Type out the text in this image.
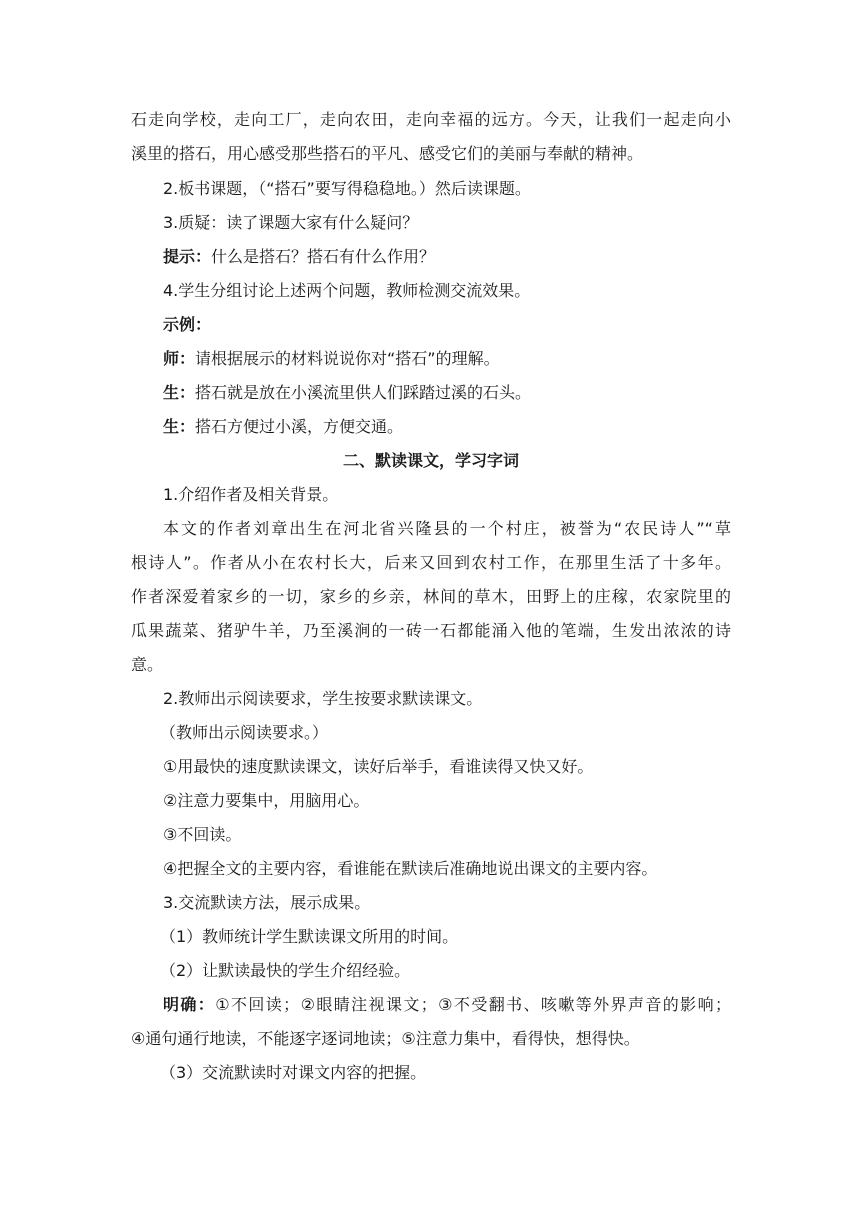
石走向学校，走向工厂，走向农田，走向幸福的远方。今天，让我们一起走向小
溪里的搭石，用心感受那些搭石的平凡、感受它们的美丽与奉献的精神。
2.板书课题，（“搭石”要写得稳稳地。）然后读课题。
3.质疑：读了课题大家有什么疑问？
提示：什么是搭石？搭石有什么作用？
4.学生分组讨论上述两个问题，教师检测交流效果。
示例：
师：请根据展示的材料说说你对“搭石”的理解。
生：搭石就是放在小溪流里供人们踩踏过溪的石头。
生：搭石方便过小溪，方便交通。
二、默读课文，学习字词
1.介绍作者及相关背景。
本文的作者刘章出生在河北省兴隆县的一个村庄，被誉为“农民诗人”“草
根诗人”。作者从小在农村长大，后来又回到农村工作，在那里生活了十多年。
作者深爱着家乡的一切，家乡的乡亲，林间的草木，田野上的庄稼，农家院里的
瓜果蔬菜、猪驴牛羊，乃至溪涧的一砖一石都能涌入他的笔端，生发出浓浓的诗
意。
2.教师出示阅读要求，学生按要求默读课文。
（教师出示阅读要求。）
①用最快的速度默读课文，读好后举手，看谁读得又快又好。
②注意力要集中，用脑用心。
③不回读。
④把握全文的主要内容，看谁能在默读后准确地说出课文的主要内容。
3.交流默读方法，展示成果。
（1）教师统计学生默读课文所用的时间。
（2）让默读最快的学生介绍经验。
明确：①不回读；②眼睛注视课文；③不受翻书、咳嗽等外界声音的影响；
④通句通行地读，不能逐字逐词地读；⑤注意力集中，看得快，想得快。
（3）交流默读时对课文内容的把握。
